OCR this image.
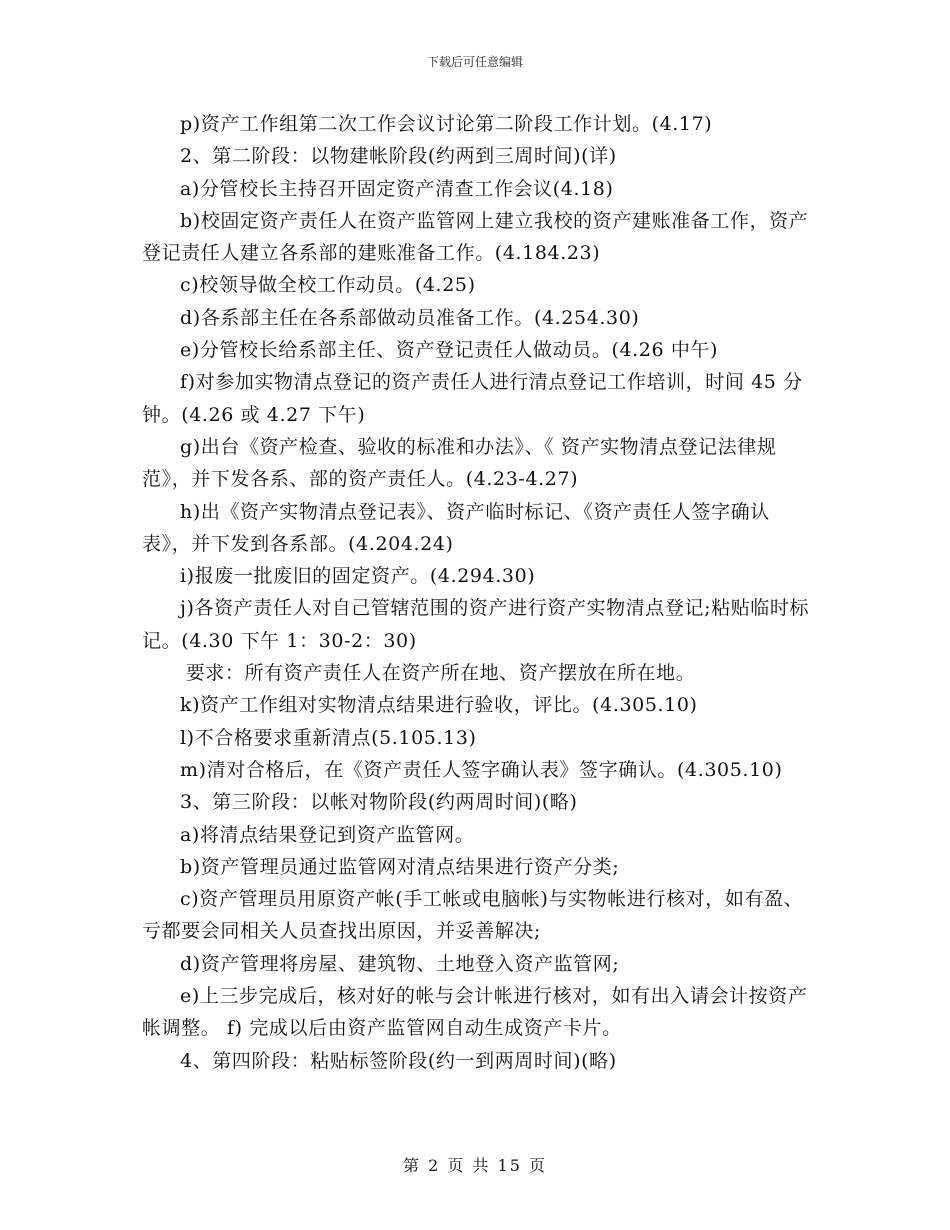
下载后可任意编辑

p)资产工作组第二次工作会议讨论第二阶段工作计划。(4.17)

2、第二阶段：以物建帐阶段(约两到三周时间)(详)

a)分管校长主持召开固定资产清查工作会议(4.18)

b)校固定资产责任人在资产监管网上建立我校的资产建账准备工作，资产登记责任人建立各系部的建账准备工作。(4.184.23)

c)校领导做全校工作动员。(4.25)

d)各系部主任在各系部做动员准备工作。(4.254.30)

e)分管校长给系部主任、资产登记责任人做动员。(4.26 中午)

f)对参加实物清点登记的资产责任人进行清点登记工作培训，时间 45 分钟。(4.26 或 4.27 下午)

g)出台《资产检查、验收的标准和办法》、《 资产实物清点登记法律规范》，并下发各系、部的资产责任人。(4.23-4.27)

h)出《资产实物清点登记表》、资产临时标记、《资产责任人签字确认表》，并下发到各系部。(4.204.24)

i)报废一批废旧的固定资产。(4.294.30)

j)各资产责任人对自己管辖范围的资产进行资产实物清点登记;粘贴临时标记。(4.30 下午 1：30-2：30)

要求：所有资产责任人在资产所在地、资产摆放在所在地。

k)资产工作组对实物清点结果进行验收，评比。(4.305.10)

l)不合格要求重新清点(5.105.13)

m)清对合格后，在《资产责任人签字确认表》签字确认。(4.305.10)

3、第三阶段：以帐对物阶段(约两周时间)(略)

a)将清点结果登记到资产监管网。

b)资产管理员通过监管网对清点结果进行资产分类;

c)资产管理员用原资产帐(手工帐或电脑帐)与实物帐进行核对，如有盈、亏都要会同相关人员查找出原因，并妥善解决;

d)资产管理将房屋、建筑物、土地登入资产监管网;

e)上三步完成后，核对好的帐与会计帐进行核对，如有出入请会计按资产帐调整。 f) 完成以后由资产监管网自动生成资产卡片。

4、第四阶段：粘贴标签阶段(约一到两周时间)(略)

第 2 页 共 15 页
